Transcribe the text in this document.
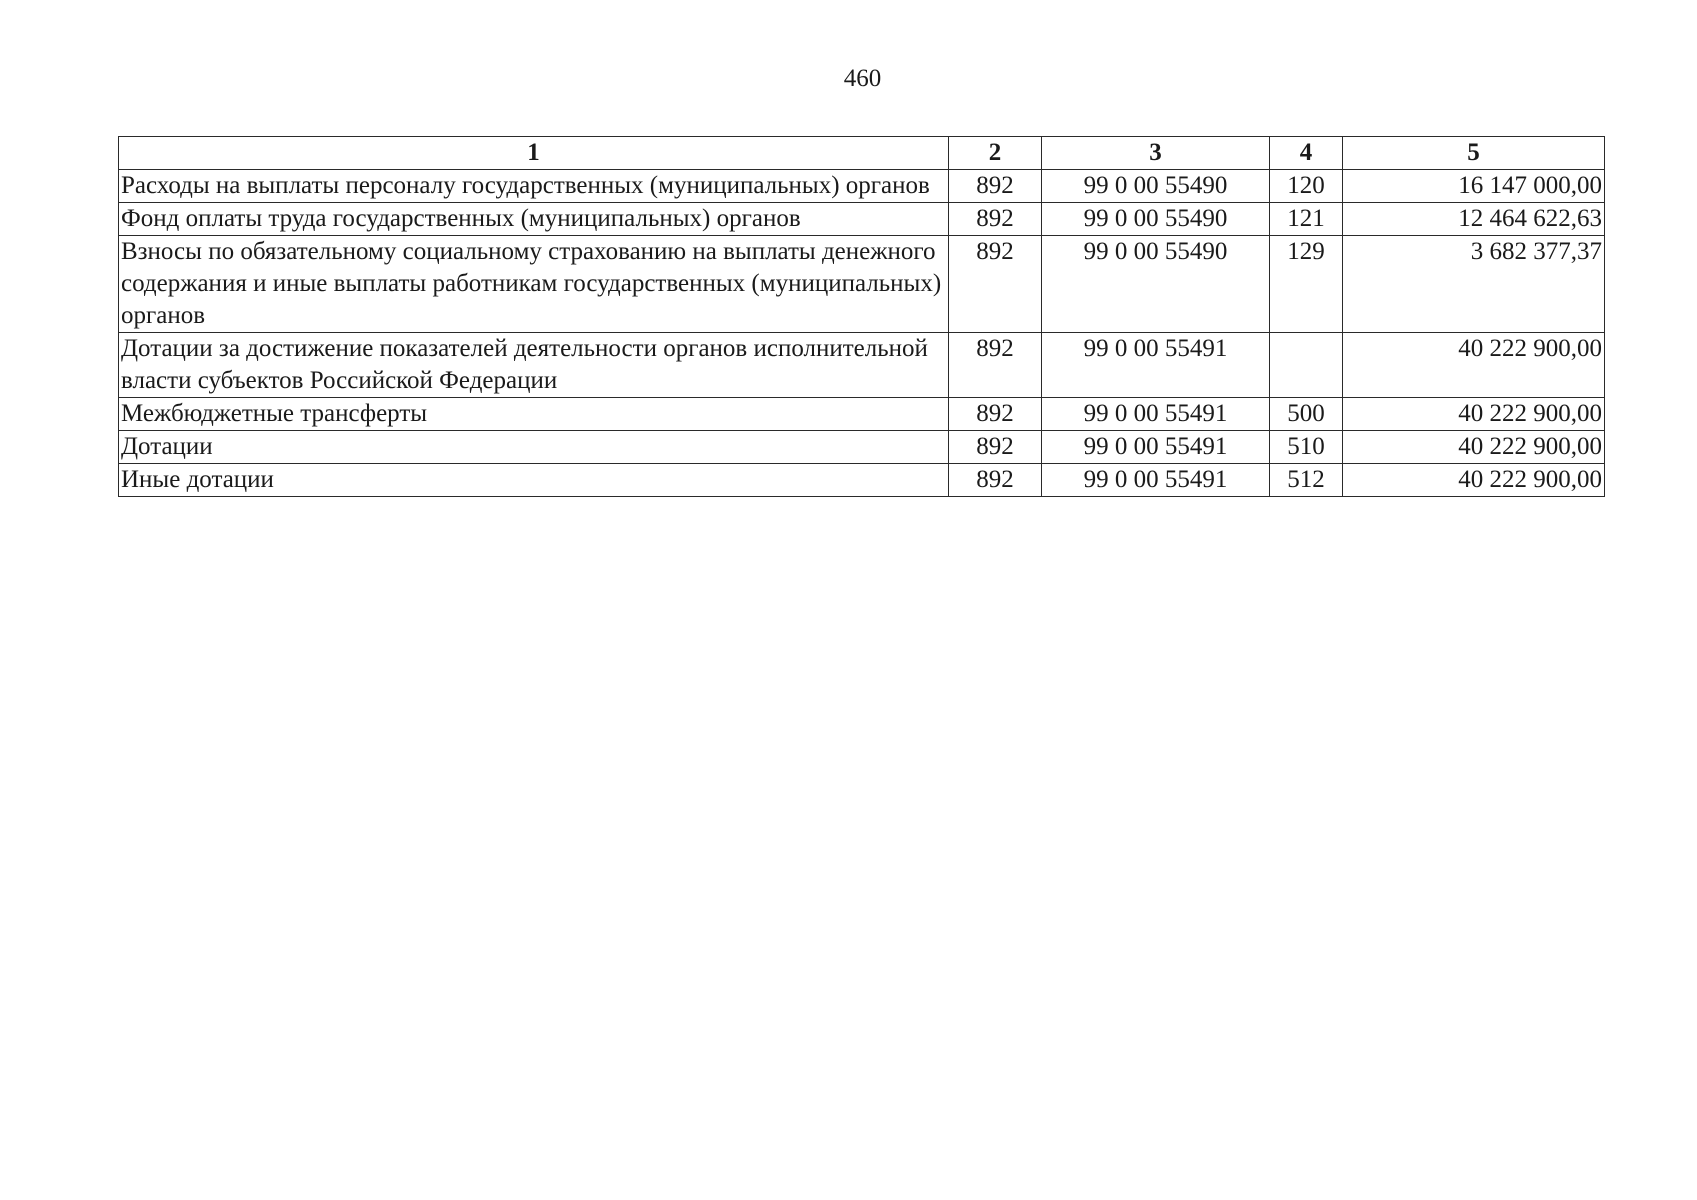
460
1	2	3	4	5
Расходы на выплаты персоналу государственных (муниципальных) органов	892	99 0 00 55490	120	16 147 000,00
Фонд оплаты труда государственных (муниципальных) органов	892	99 0 00 55490	121	12 464 622,63
Взносы по обязательному социальному страхованию на выплаты денежного содержания и иные выплаты работникам государственных (муниципальных) органов	892	99 0 00 55490	129	3 682 377,37
Дотации за достижение показателей деятельности органов исполнительной власти субъектов Российской Федерации	892	99 0 00 55491		40 222 900,00
Межбюджетные трансферты	892	99 0 00 55491	500	40 222 900,00
Дотации	892	99 0 00 55491	510	40 222 900,00
Иные дотации	892	99 0 00 55491	512	40 222 900,00
